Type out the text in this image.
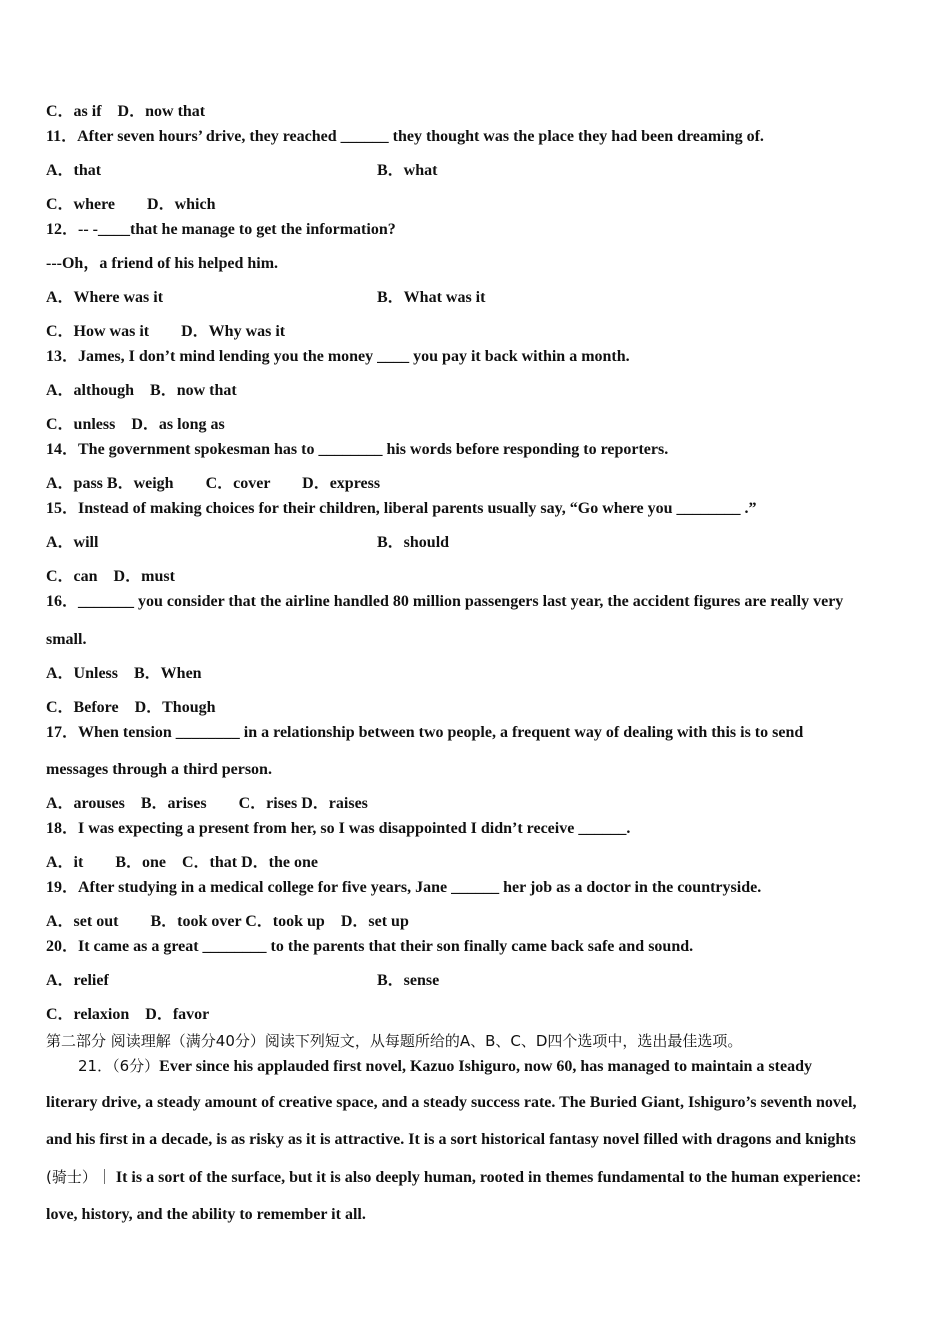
C．as if　D．now that
11．After seven hours’ drive, they reached ______ they thought was the place they had been dreaming of.
A．that	B．what
C．where　　D．which
12．-- -____that he manage to get the information?
---Oh，a friend of his helped him.
A．Where was it	B．What was it
C．How was it　　D．Why was it
13．James, I don’t mind lending you the money ____ you pay it back within a month.
A．although　B．now that
C．unless　D．as long as
14．The government spokesman has to ________ his words before responding to reporters.
A．pass B．weigh　　C．cover　　D．express
15．Instead of making choices for their children, liberal parents usually say, “Go where you ________ .”
A．will	B．should
C．can　D．must
16．_______ you consider that the airline handled 80 million passengers last year, the accident figures are really very
small.
A．Unless　B．When
C．Before　D．Though
17．When tension ________ in a relationship between two people, a frequent way of dealing with this is to send
messages through a third person.
A．arouses　B．arises　　C．rises D．raises
18．I was expecting a present from her, so I was disappointed I didn’t receive ______.
A．it　　B．one　C．that D．the one
19．After studying in a medical college for five years, Jane ______ her job as a doctor in the countryside.
A．set out　　B．took over C．took up　D．set up
20．It came as a great ________ to the parents that their son finally came back safe and sound.
A．relief	B．sense
C．relaxion　D．favor
第二部分 阅读理解（满分40分）阅读下列短文，从每题所给的A、B、C、D四个选项中，选出最佳选项。
21．（6分）Ever since his applauded first novel, Kazuo Ishiguro, now 60, has managed to maintain a steady
literary drive, a steady amount of creative space, and a steady success rate. The Buried Giant, Ishiguro’s seventh novel,
and his first in a decade, is as risky as it is attractive. It is a sort historical fantasy novel filled with dragons and knights
(骑士）｜ It is a sort of the surface, but it is also deeply human, rooted in themes fundamental to the human experience:
love, history, and the ability to remember it all.
